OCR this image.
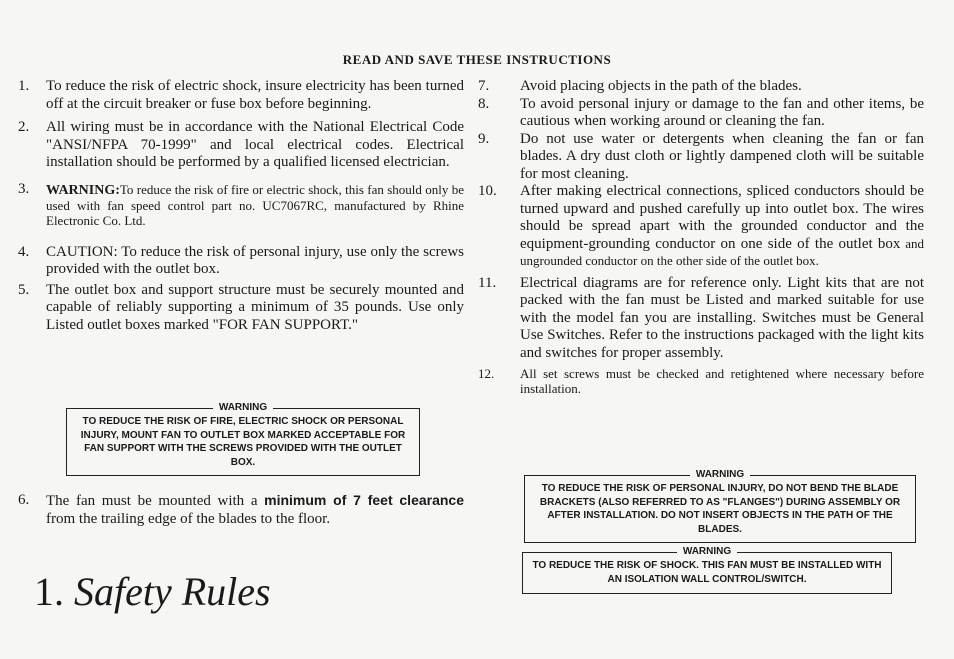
READ AND SAVE THESE INSTRUCTIONS
1.	To reduce the risk of electric shock, insure electricity has been turned off at the circuit breaker or fuse box before beginning.
2.	All wiring must be in accordance with the National Electrical Code "ANSI/NFPA 70-1999" and local electrical codes. Electrical installation should be performed by a qualified licensed electrician.
3.	WARNING:To reduce the risk of fire or electric shock, this fan should only be used with fan speed control part no. UC7067RC, manufactured by Rhine Electronic Co. Ltd.
4.	CAUTION: To reduce the risk of personal injury, use only the screws provided with the outlet box.
5.	The outlet box and support structure must be securely mounted and capable of reliably supporting a minimum of 35 pounds. Use only Listed outlet boxes marked "FOR FAN SUPPORT."
WARNING
TO REDUCE THE RISK OF FIRE, ELECTRIC SHOCK OR PERSONAL INJURY, MOUNT FAN TO OUTLET BOX MARKED ACCEPTABLE FOR FAN SUPPORT WITH THE SCREWS PROVIDED WITH THE OUTLET BOX.
6.	The fan must be mounted with a minimum of 7 feet clearance from the trailing edge of the blades to the floor.
1. Safety Rules
7.	Avoid placing objects in the path of the blades.
8.	To avoid personal injury or damage to the fan and other items, be cautious when working around or cleaning the fan.
9.	Do not use water or detergents when cleaning the fan or fan blades. A dry dust cloth or lightly dampened cloth will be suitable for most cleaning.
10.	After making electrical connections, spliced conductors should be turned upward and pushed carefully up into outlet box. The wires should be spread apart with the grounded conductor and the equipment-grounding conductor on one side of the outlet box and ungrounded conductor on the other side of the outlet box.
11.	Electrical diagrams are for reference only. Light kits that are not packed with the fan must be Listed and marked suitable for use with the model fan you are installing. Switches must be General Use Switches. Refer to the instructions packaged with the light kits and switches for proper assembly.
12.	All set screws must be checked and retightened where necessary before installation.
WARNING
TO REDUCE THE RISK OF PERSONAL INJURY, DO NOT BEND THE BLADE BRACKETS (ALSO REFERRED TO AS "FLANGES") DURING ASSEMBLY OR AFTER INSTALLATION. DO NOT INSERT OBJECTS IN THE PATH OF THE BLADES.
WARNING
TO REDUCE THE RISK OF SHOCK. THIS FAN MUST BE INSTALLED WITH AN ISOLATION WALL CONTROL/SWITCH.
